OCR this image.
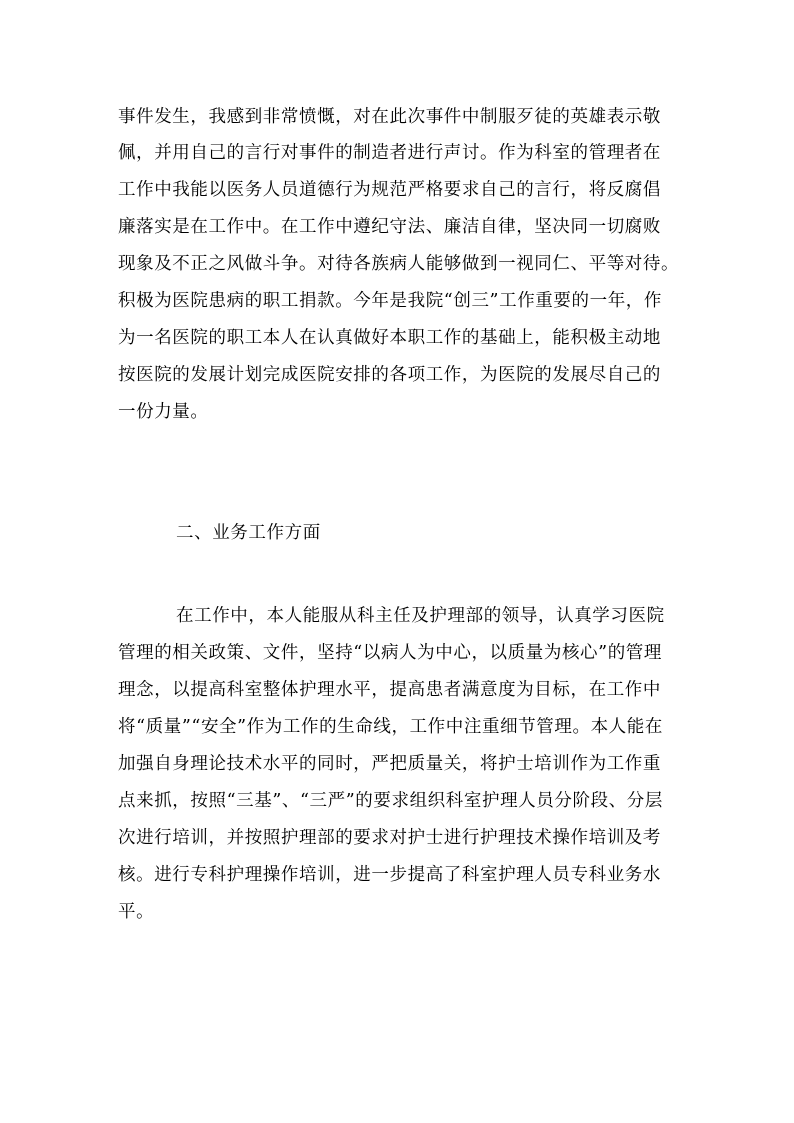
事件发生，我感到非常愤慨，对在此次事件中制服歹徒的英雄表示敬
佩，并用自己的言行对事件的制造者进行声讨。作为科室的管理者在
工作中我能以医务人员道德行为规范严格要求自己的言行，将反腐倡
廉落实是在工作中。在工作中遵纪守法、廉洁自律，坚决同一切腐败
现象及不正之风做斗争。对待各族病人能够做到一视同仁、平等对待。
积极为医院患病的职工捐款。今年是我院“创三”工作重要的一年，作
为一名医院的职工本人在认真做好本职工作的基础上，能积极主动地
按医院的发展计划完成医院安排的各项工作，为医院的发展尽自己的
一份力量。
二、业务工作方面
在工作中，本人能服从科主任及护理部的领导，认真学习医院
管理的相关政策、文件，坚持“以病人为中心，以质量为核心”的管理
理念，以提高科室整体护理水平，提高患者满意度为目标，在工作中
将“质量”“安全”作为工作的生命线，工作中注重细节管理。本人能在
加强自身理论技术水平的同时，严把质量关，将护士培训作为工作重
点来抓，按照“三基”、“三严”的要求组织科室护理人员分阶段、分层
次进行培训，并按照护理部的要求对护士进行护理技术操作培训及考
核。进行专科护理操作培训，进一步提高了科室护理人员专科业务水
平。
